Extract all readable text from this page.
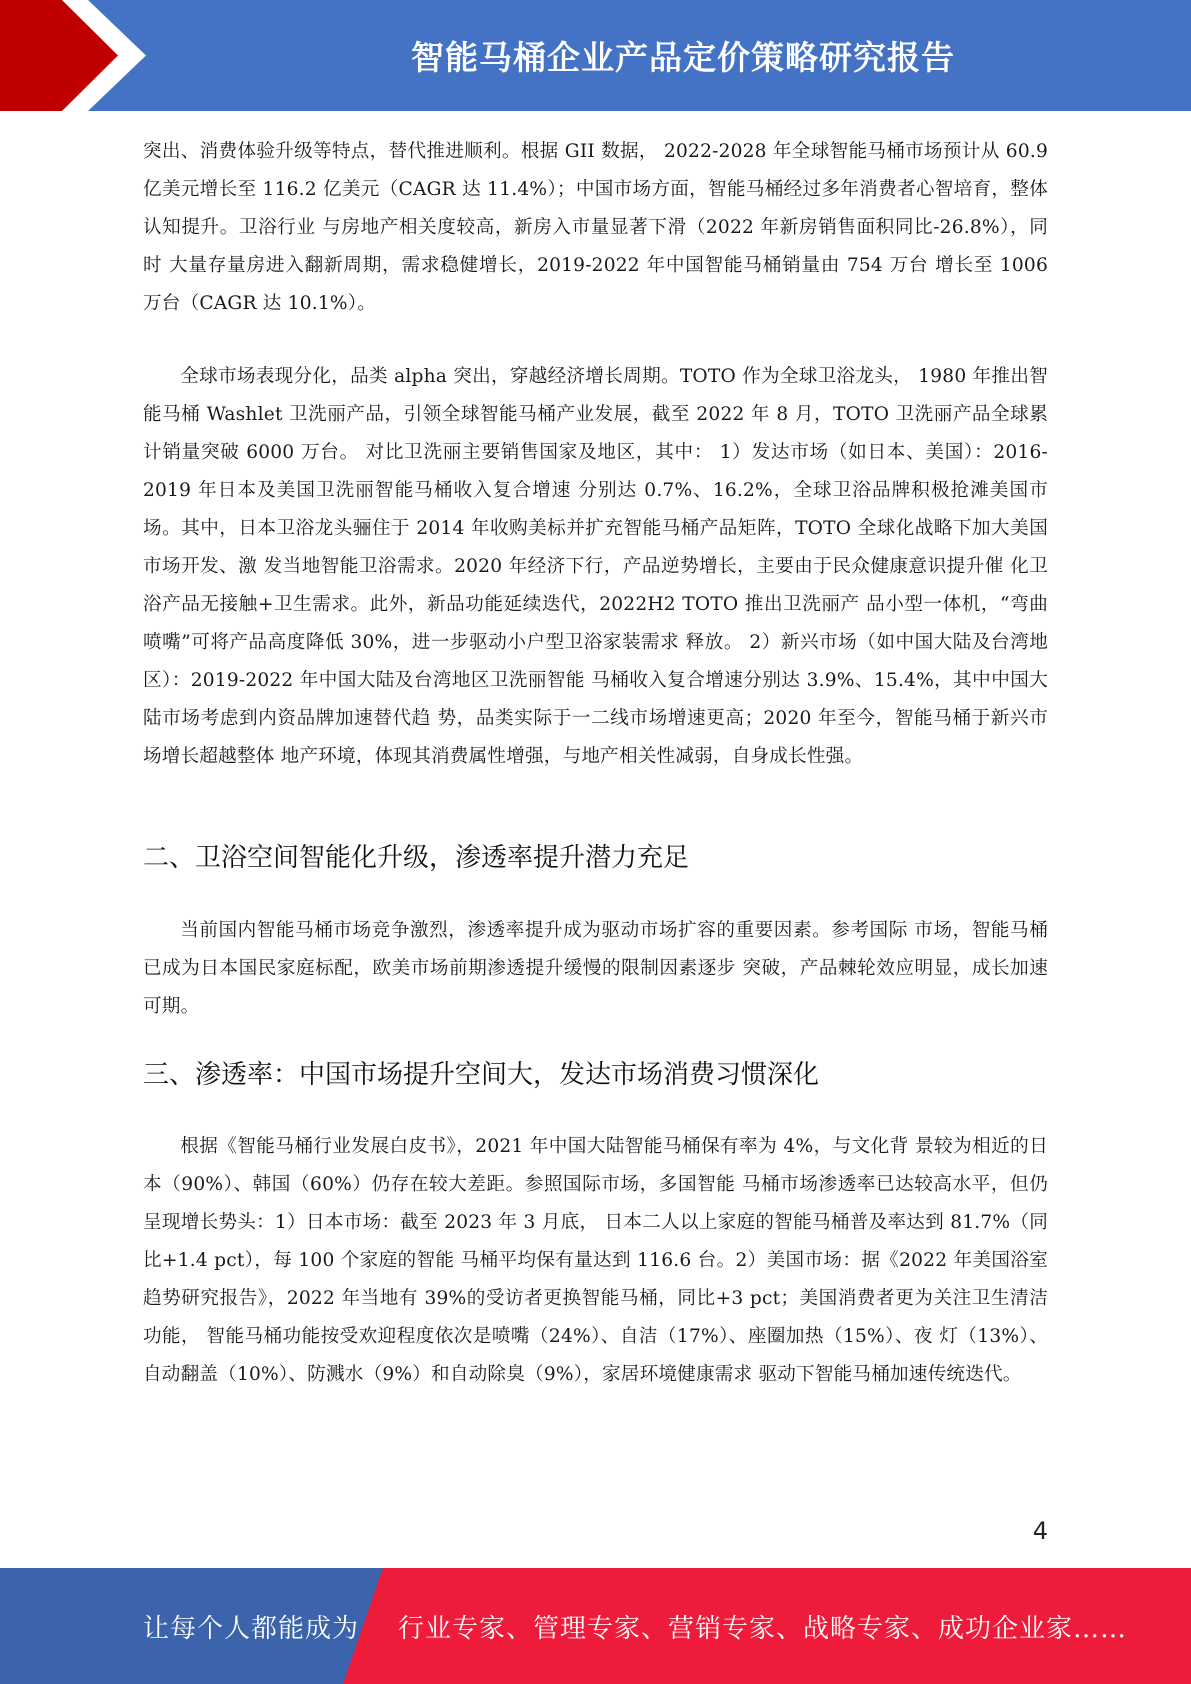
智能马桶企业产品定价策略研究报告

突出、消费体验升级等特点，替代推进顺利。根据 GII 数据， 2022-2028 年全球智能马桶市场预计从 60.9 亿美元增长至 116.2 亿美元（CAGR 达 11.4%）；中国市场方面，智能马桶经过多年消费者心智培育，整体认知提升。卫浴行业 与房地产相关度较高，新房入市量显著下滑（2022 年新房销售面积同比-26.8%），同时 大量存量房进入翻新周期，需求稳健增长，2019-2022 年中国智能马桶销量由 754 万台 增长至 1006 万台（CAGR 达 10.1%）。

全球市场表现分化，品类 alpha 突出，穿越经济增长周期。TOTO 作为全球卫浴龙头， 1980 年推出智能马桶 Washlet 卫洗丽产品，引领全球智能马桶产业发展，截至 2022 年 8 月，TOTO 卫洗丽产品全球累计销量突破 6000 万台。 对比卫洗丽主要销售国家及地区，其中： 1）发达市场（如日本、美国）：2016-2019 年日本及美国卫洗丽智能马桶收入复合增速 分别达 0.7%、16.2%，全球卫浴品牌积极抢滩美国市场。其中，日本卫浴龙头骊住于 2014 年收购美标并扩充智能马桶产品矩阵，TOTO 全球化战略下加大美国市场开发、激 发当地智能卫浴需求。2020 年经济下行，产品逆势增长，主要由于民众健康意识提升催 化卫浴产品无接触+卫生需求。此外，新品功能延续迭代，2022H2 TOTO 推出卫洗丽产 品小型一体机，“弯曲喷嘴”可将产品高度降低 30%，进一步驱动小户型卫浴家装需求 释放。 2）新兴市场（如中国大陆及台湾地区）：2019-2022 年中国大陆及台湾地区卫洗丽智能 马桶收入复合增速分别达 3.9%、15.4%，其中中国大陆市场考虑到内资品牌加速替代趋 势，品类实际于一二线市场增速更高；2020 年至今，智能马桶于新兴市场增长超越整体 地产环境，体现其消费属性增强，与地产相关性减弱，自身成长性强。

二、卫浴空间智能化升级，渗透率提升潜力充足

当前国内智能马桶市场竞争激烈，渗透率提升成为驱动市场扩容的重要因素。参考国际 市场，智能马桶已成为日本国民家庭标配，欧美市场前期渗透提升缓慢的限制因素逐步 突破，产品棘轮效应明显，成长加速可期。

三、渗透率：中国市场提升空间大，发达市场消费习惯深化

根据《智能马桶行业发展白皮书》，2021 年中国大陆智能马桶保有率为 4%，与文化背 景较为相近的日本（90%）、韩国（60%）仍存在较大差距。参照国际市场，多国智能 马桶市场渗透率已达较高水平，但仍呈现增长势头：1）日本市场：截至 2023 年 3 月底， 日本二人以上家庭的智能马桶普及率达到 81.7%（同比+1.4 pct），每 100 个家庭的智能 马桶平均保有量达到 116.6 台。2）美国市场：据《2022 年美国浴室趋势研究报告》，2022 年当地有 39%的受访者更换智能马桶，同比+3 pct；美国消费者更为关注卫生清洁功能， 智能马桶功能按受欢迎程度依次是喷嘴（24%）、自洁（17%）、座圈加热（15%）、夜 灯（13%）、自动翻盖（10%）、防溅水（9%）和自动除臭（9%），家居环境健康需求 驱动下智能马桶加速传统迭代。

4
让每个人都能成为 行业专家、管理专家、营销专家、战略专家、成功企业家……
